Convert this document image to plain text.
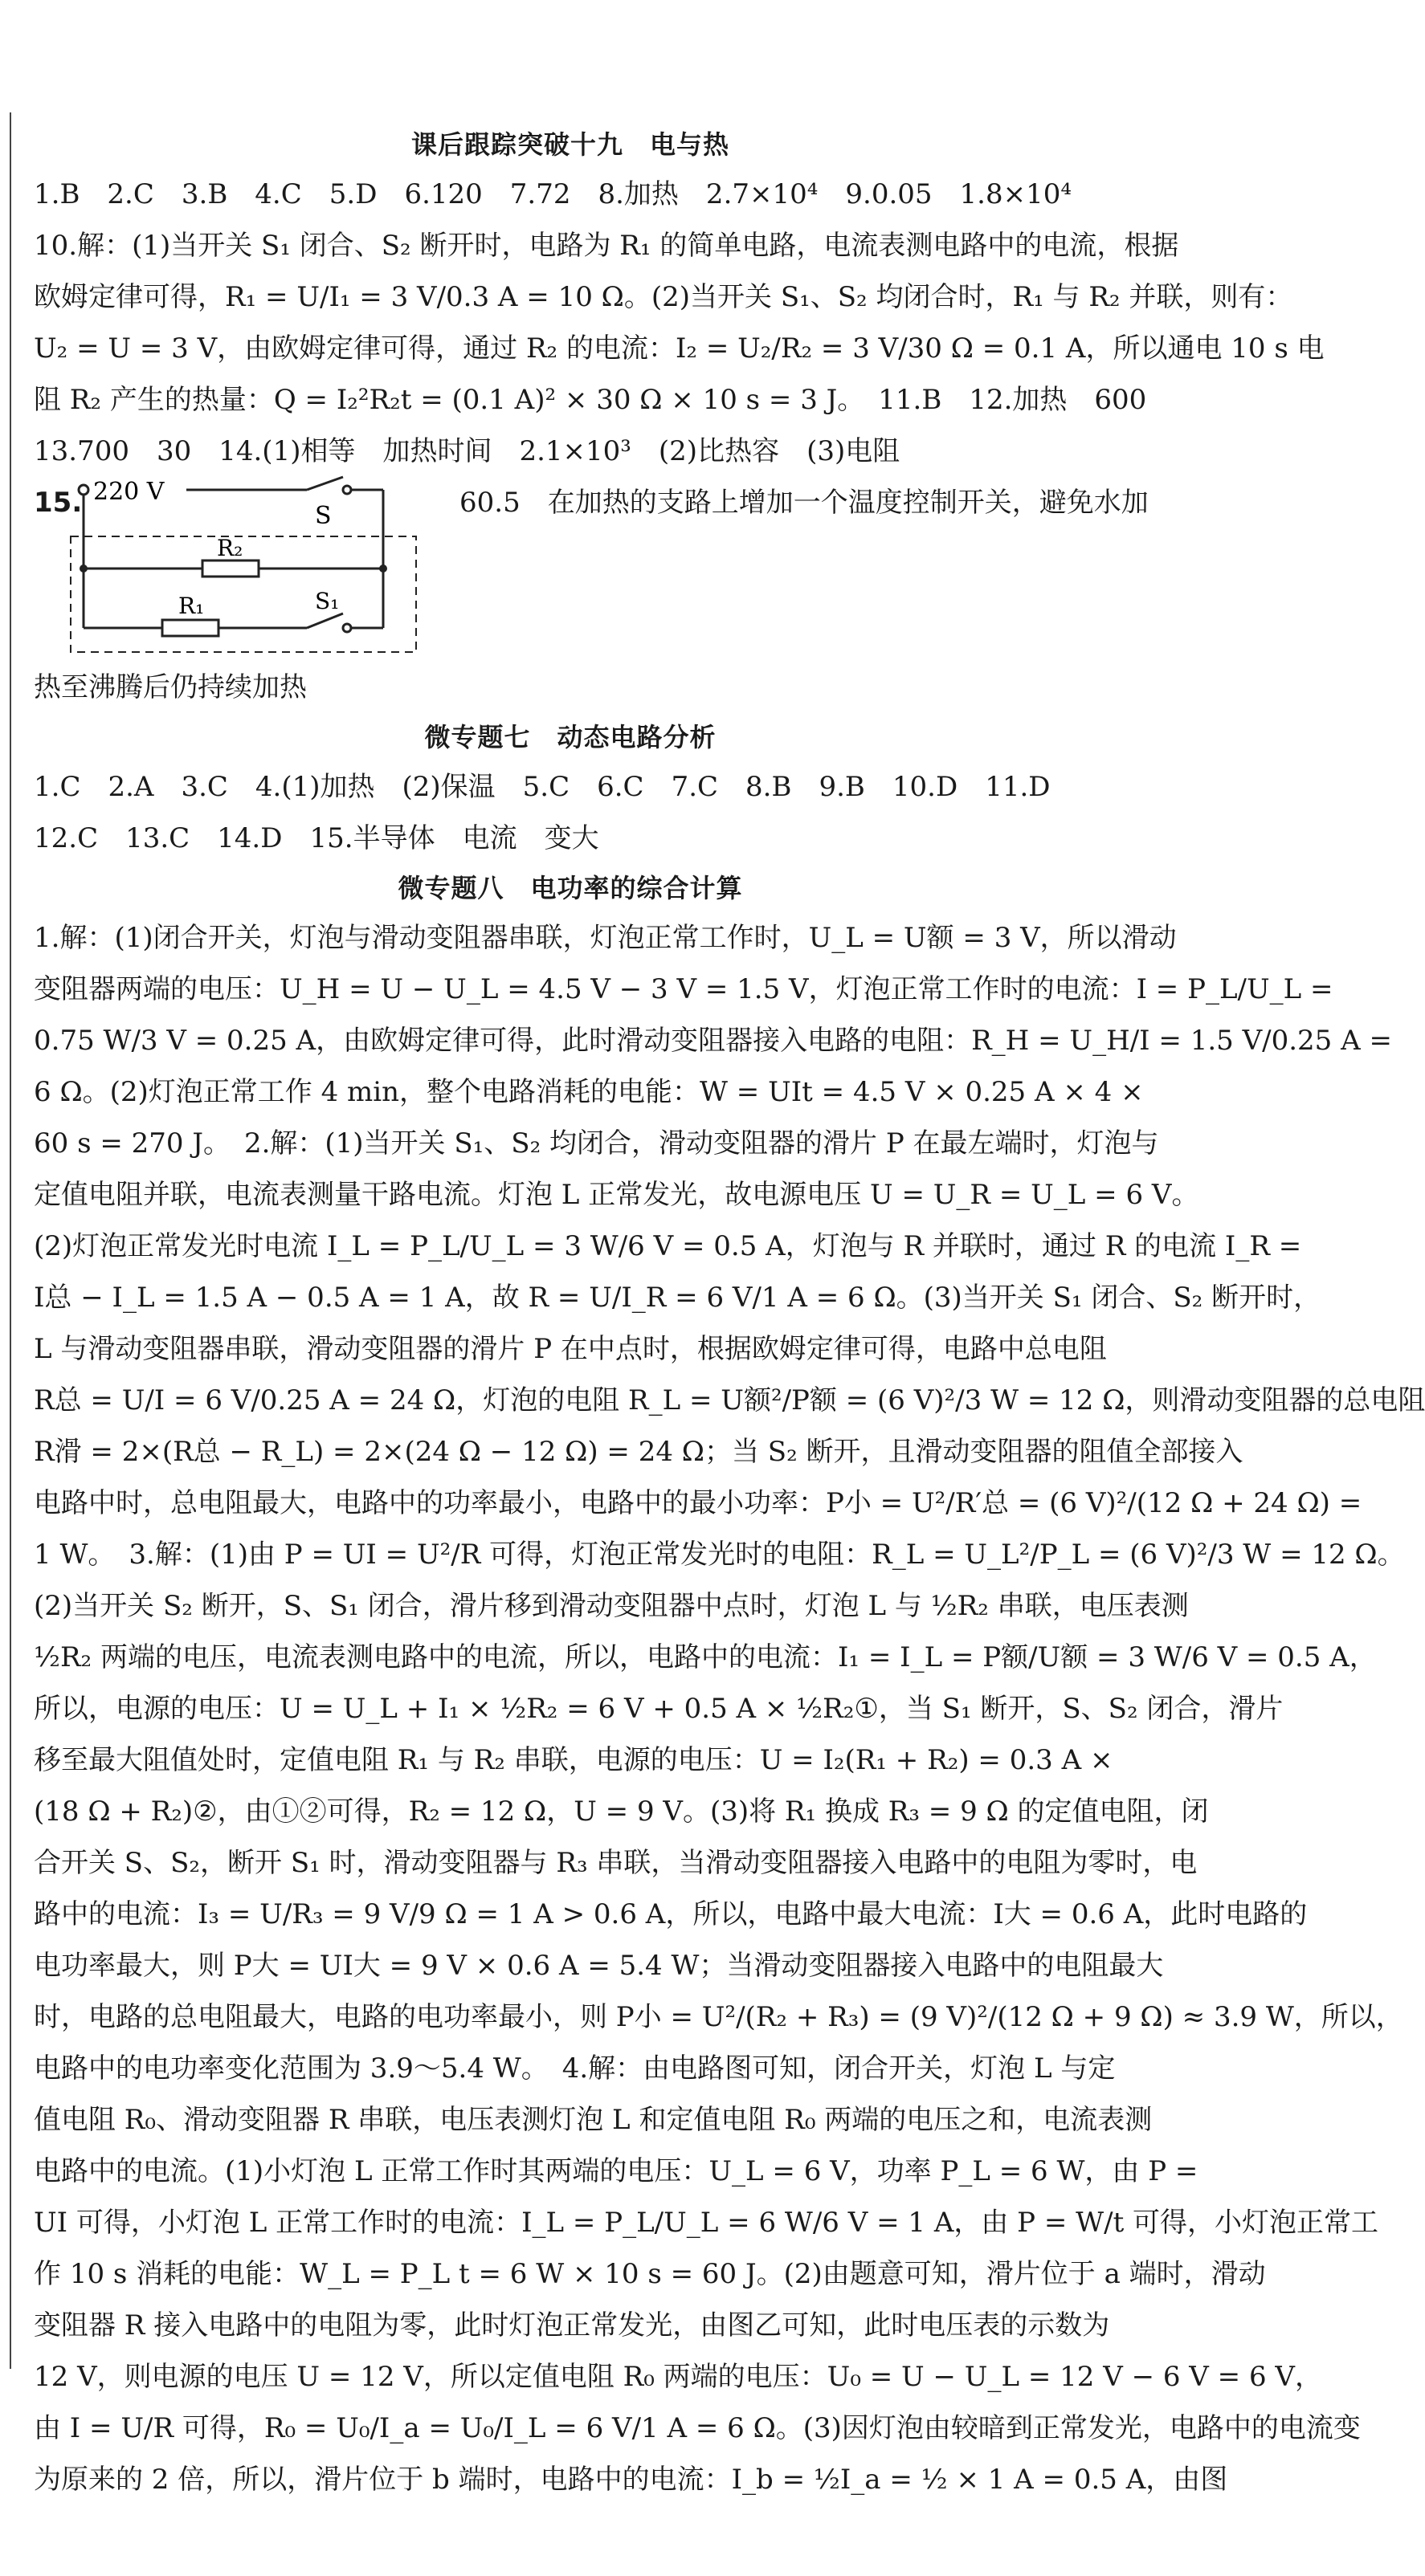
课后跟踪突破十九　电与热
1.B　2.C　3.B　4.C　5.D　6.120　7.72　8.加热　2.7×10⁴　9.0.05　1.8×10⁴
10.解：(1)当开关 S₁ 闭合、S₂ 断开时，电路为 R₁ 的简单电路，电流表测电路中的电流，根据
欧姆定律可得，R₁ = U/I₁ = 3 V/0.3 A = 10 Ω。(2)当开关 S₁、S₂ 均闭合时，R₁ 与 R₂ 并联，则有：
U₂ = U = 3 V，由欧姆定律可得，通过 R₂ 的电流：I₂ = U₂/R₂ = 3 V/30 Ω = 0.1 A，所以通电 10 s 电
阻 R₂ 产生的热量：Q = I₂²R₂t = (0.1 A)² × 30 Ω × 10 s = 3 J。　11.B　12.加热　600
13.700　30　14.(1)相等　加热时间　2.1×10³　(2)比热容　(3)电阻
15. 220 V
S
R₂
R₁	S₁
60.5　在加热的支路上增加一个温度控制开关，避免水加
热至沸腾后仍持续加热
微专题七　动态电路分析
1.C　2.A　3.C　4.(1)加热　(2)保温　5.C　6.C　7.C　8.B　9.B　10.D　11.D
12.C　13.C　14.D　15.半导体　电流　变大
微专题八　电功率的综合计算
1.解：(1)闭合开关，灯泡与滑动变阻器串联，灯泡正常工作时，U_L = U额 = 3 V，所以滑动
变阻器两端的电压：U_H = U − U_L = 4.5 V − 3 V = 1.5 V，灯泡正常工作时的电流：I = P_L/U_L =
0.75 W/3 V = 0.25 A，由欧姆定律可得，此时滑动变阻器接入电路的电阻：R_H = U_H/I = 1.5 V/0.25 A =
6 Ω。(2)灯泡正常工作 4 min，整个电路消耗的电能：W = UIt = 4.5 V × 0.25 A × 4 ×
60 s = 270 J。　2.解：(1)当开关 S₁、S₂ 均闭合，滑动变阻器的滑片 P 在最左端时，灯泡与
定值电阻并联，电流表测量干路电流。灯泡 L 正常发光，故电源电压 U = U_R = U_L = 6 V。
(2)灯泡正常发光时电流 I_L = P_L/U_L = 3 W/6 V = 0.5 A，灯泡与 R 并联时，通过 R 的电流 I_R =
I总 − I_L = 1.5 A − 0.5 A = 1 A，故 R = U/I_R = 6 V/1 A = 6 Ω。(3)当开关 S₁ 闭合、S₂ 断开时，
L 与滑动变阻器串联，滑动变阻器的滑片 P 在中点时，根据欧姆定律可得，电路中总电阻
R总 = U/I = 6 V/0.25 A = 24 Ω，灯泡的电阻 R_L = U额²/P额 = (6 V)²/3 W = 12 Ω，则滑动变阻器的总电阻
R滑 = 2×(R总 − R_L) = 2×(24 Ω − 12 Ω) = 24 Ω；当 S₂ 断开，且滑动变阻器的阻值全部接入
电路中时，总电阻最大，电路中的功率最小，电路中的最小功率：P小 = U²/R′总 = (6 V)²/(12 Ω + 24 Ω) =
1 W。　3.解：(1)由 P = UI = U²/R 可得，灯泡正常发光时的电阻：R_L = U_L²/P_L = (6 V)²/3 W = 12 Ω。
(2)当开关 S₂ 断开，S、S₁ 闭合，滑片移到滑动变阻器中点时，灯泡 L 与 ½R₂ 串联，电压表测
½R₂ 两端的电压，电流表测电路中的电流，所以，电路中的电流：I₁ = I_L = P额/U额 = 3 W/6 V = 0.5 A，
所以，电源的电压：U = U_L + I₁ × ½R₂ = 6 V + 0.5 A × ½R₂①，当 S₁ 断开，S、S₂ 闭合，滑片
移至最大阻值处时，定值电阻 R₁ 与 R₂ 串联，电源的电压：U = I₂(R₁ + R₂) = 0.3 A ×
(18 Ω + R₂)②，由①②可得，R₂ = 12 Ω，U = 9 V。(3)将 R₁ 换成 R₃ = 9 Ω 的定值电阻，闭
合开关 S、S₂，断开 S₁ 时，滑动变阻器与 R₃ 串联，当滑动变阻器接入电路中的电阻为零时，电
路中的电流：I₃ = U/R₃ = 9 V/9 Ω = 1 A > 0.6 A，所以，电路中最大电流：I大 = 0.6 A，此时电路的
电功率最大，则 P大 = UI大 = 9 V × 0.6 A = 5.4 W；当滑动变阻器接入电路中的电阻最大
时，电路的总电阻最大，电路的电功率最小，则 P小 = U²/(R₂ + R₃) = (9 V)²/(12 Ω + 9 Ω) ≈ 3.9 W，所以，
电路中的电功率变化范围为 3.9～5.4 W。　4.解：由电路图可知，闭合开关，灯泡 L 与定
值电阻 R₀、滑动变阻器 R 串联，电压表测灯泡 L 和定值电阻 R₀ 两端的电压之和，电流表测
电路中的电流。(1)小灯泡 L 正常工作时其两端的电压：U_L = 6 V，功率 P_L = 6 W，由 P =
UI 可得，小灯泡 L 正常工作时的电流：I_L = P_L/U_L = 6 W/6 V = 1 A，由 P = W/t 可得，小灯泡正常工
作 10 s 消耗的电能：W_L = P_L t = 6 W × 10 s = 60 J。(2)由题意可知，滑片位于 a 端时，滑动
变阻器 R 接入电路中的电阻为零，此时灯泡正常发光，由图乙可知，此时电压表的示数为
12 V，则电源的电压 U = 12 V，所以定值电阻 R₀ 两端的电压：U₀ = U − U_L = 12 V − 6 V = 6 V，
由 I = U/R 可得，R₀ = U₀/I_a = U₀/I_L = 6 V/1 A = 6 Ω。(3)因灯泡由较暗到正常发光，电路中的电流变
为原来的 2 倍，所以，滑片位于 b 端时，电路中的电流：I_b = ½I_a = ½ × 1 A = 0.5 A，由图
